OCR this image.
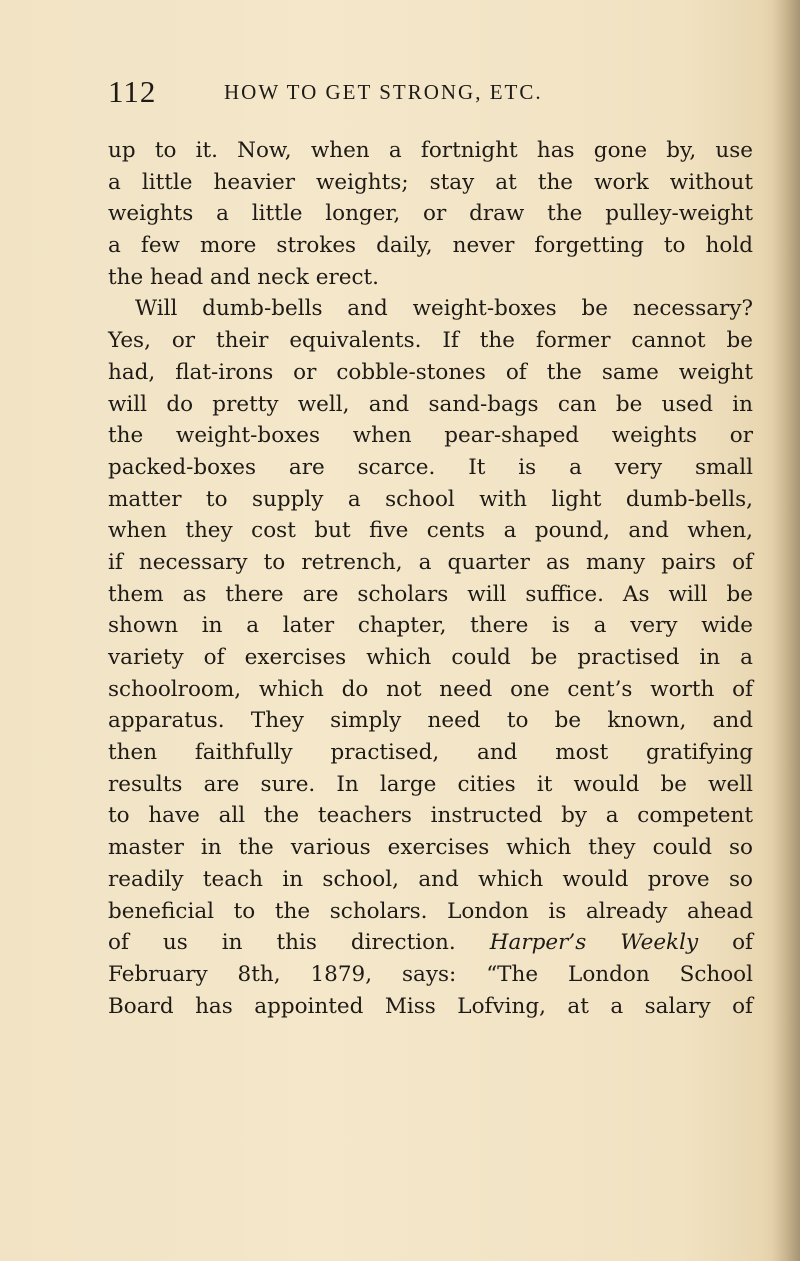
112	HOW TO GET STRONG, ETC.
up to it. Now, when a fortnight has gone by, use
a little heavier weights; stay at the work without
weights a little longer, or draw the pulley-weight
a few more strokes daily, never forgetting to hold
the head and neck erect.
Will dumb-bells and weight-boxes be necessary?
Yes, or their equivalents. If the former cannot be
had, flat-irons or cobble-stones of the same weight
will do pretty well, and sand-bags can be used in
the weight-boxes when pear-shaped weights or
packed-boxes are scarce. It is a very small
matter to supply a school with light dumb-bells,
when they cost but five cents a pound, and when,
if necessary to retrench, a quarter as many pairs of
them as there are scholars will suffice. As will be
shown in a later chapter, there is a very wide
variety of exercises which could be practised in a
schoolroom, which do not need one cent’s worth of
apparatus. They simply need to be known, and
then faithfully practised, and most gratifying
results are sure. In large cities it would be well
to have all the teachers instructed by a competent
master in the various exercises which they could so
readily teach in school, and which would prove so
beneficial to the scholars. London is already ahead
of us in this direction. Harper’s Weekly of
February 8th, 1879, says: “The London School
Board has appointed Miss Lofving, at a salary of
